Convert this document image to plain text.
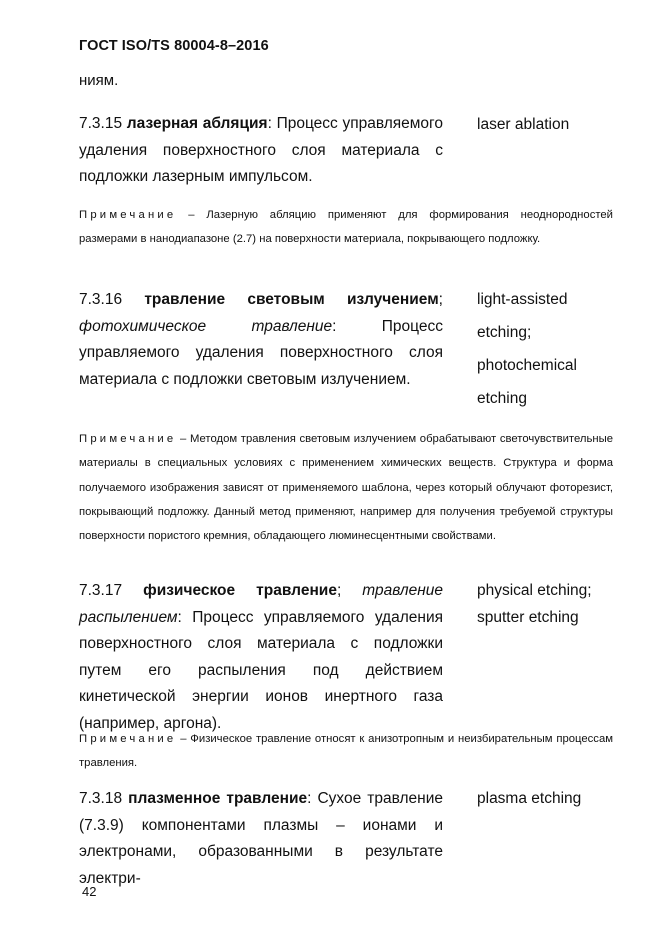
ГОСТ ISO/TS 80004-8–2016
ниям.
7.3.15 лазерная абляция: Процесс управляемого удаления поверхностного слоя материала с подложки лазерным импульсом.
laser ablation
Примечание – Лазерную абляцию применяют для формирования неоднородностей размерами в нанодиапазоне (2.7) на поверхности материала, покрывающего подложку.
7.3.16 травление световым излучением; фотохимическое травление: Процесс управляемого удаления поверхностного слоя материала с подложки световым излучением.
light-assisted
etching;
photochemical
etching
Примечание – Методом травления световым излучением обрабатывают светочувствительные материалы в специальных условиях с применением химических веществ. Структура и форма получаемого изображения зависят от применяемого шаблона, через который облучают фоторезист, покрывающий подложку. Данный метод применяют, например для получения требуемой структуры поверхности пористого кремния, обладающего люминесцентными свойствами.
7.3.17 физическое травление; травление распылением: Процесс управляемого удаления поверхностного слоя материала с подложки путем его распыления под действием кинетической энергии ионов инертного газа (например, аргона).
physical etching;
sputter etching
Примечание – Физическое травление относят к анизотропным и неизбирательным процессам травления.
7.3.18 плазменное травление: Сухое травление (7.3.9) компонентами плазмы – ионами и электронами, образованными в результате электри-
plasma etching
42
